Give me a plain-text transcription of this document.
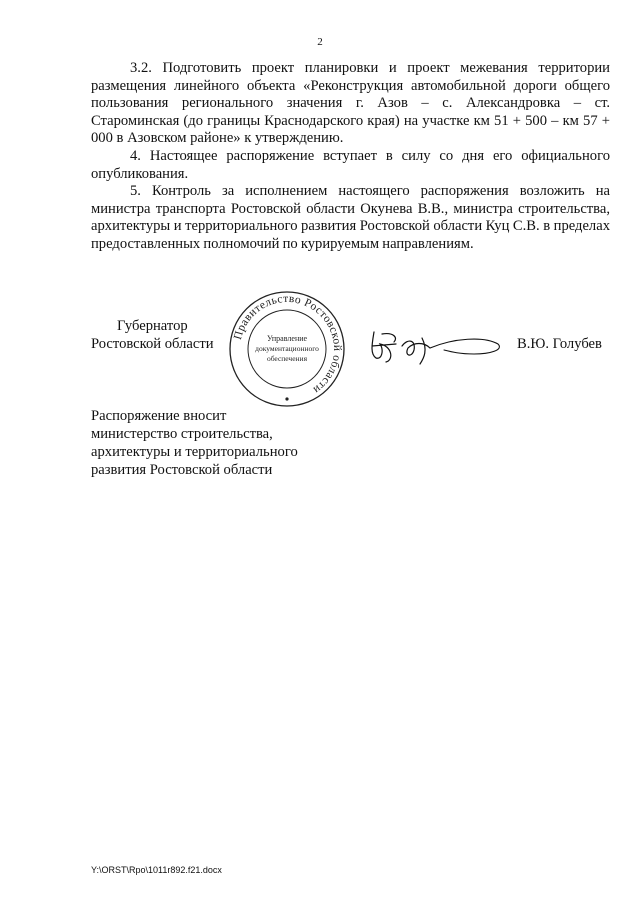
2

3.2. Подготовить проект планировки и проект межевания территории размещения линейного объекта «Реконструкция автомобильной дороги общего пользования регионального значения г. Азов – с. Александровка – ст. Староминская (до границы Краснодарского края) на участке км 51 + 500 – км 57 + 000 в Азовском районе» к утверждению.

4. Настоящее распоряжение вступает в силу со дня его официального опубликования.

5. Контроль за исполнением настоящего распоряжения возложить на министра транспорта Ростовской области Окунева В.В., министра строительства, архитектуры и территориального развития Ростовской области Куц С.В. в пределах предоставленных полномочий по курируемым направлениям.

Губернатор
Ростовской области
Правительство Ростовской области
Управление
документационного
обеспечения
В.Ю. Голубев
Распоряжение вносит
министерство строительства,
архитектуры и территориального
развития Ростовской области
Y:\ORST\Rpo\1011r892.f21.docx
